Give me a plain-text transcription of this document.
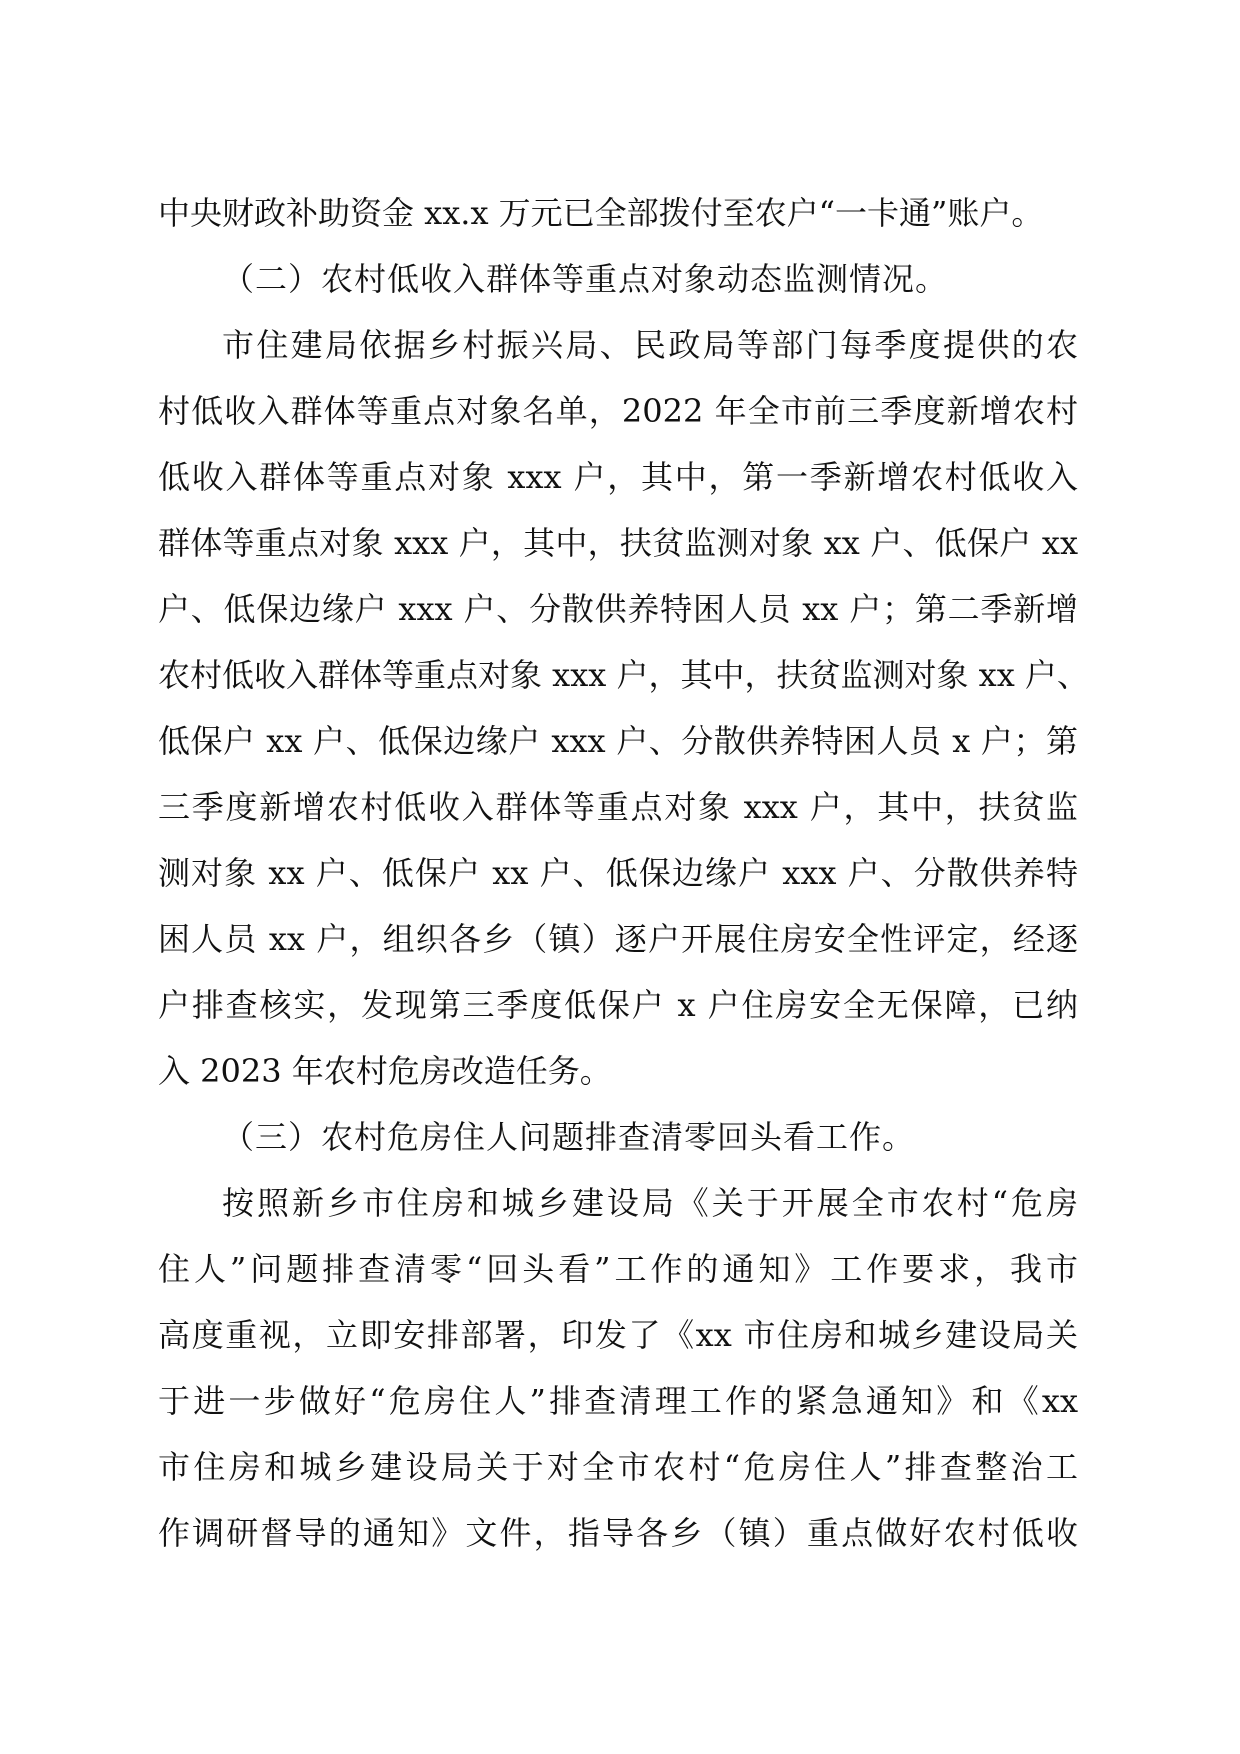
中央财政补助资金 xx.x 万元已全部拨付至农户“一卡通”账户。
（二）农村低收入群体等重点对象动态监测情况。
市住建局依据乡村振兴局、民政局等部门每季度提供的农
村低收入群体等重点对象名单，2022 年全市前三季度新增农村
低收入群体等重点对象 xxx 户，其中，第一季新增农村低收入
群体等重点对象 xxx 户，其中，扶贫监测对象 xx 户、低保户 xx
户、低保边缘户 xxx 户、分散供养特困人员 xx 户；第二季新增
农村低收入群体等重点对象 xxx 户，其中，扶贫监测对象 xx 户、
低保户 xx 户、低保边缘户 xxx 户、分散供养特困人员 x 户；第
三季度新增农村低收入群体等重点对象 xxx 户，其中，扶贫监
测对象 xx 户、低保户 xx 户、低保边缘户 xxx 户、分散供养特
困人员 xx 户，组织各乡（镇）逐户开展住房安全性评定，经逐
户排查核实，发现第三季度低保户 x 户住房安全无保障，已纳
入 2023 年农村危房改造任务。
（三）农村危房住人问题排查清零回头看工作。
按照新乡市住房和城乡建设局《关于开展全市农村“危房
住人”问题排查清零“回头看”工作的通知》工作要求，我市
高度重视，立即安排部署，印发了《xx 市住房和城乡建设局关
于进一步做好“危房住人”排查清理工作的紧急通知》和《xx
市住房和城乡建设局关于对全市农村“危房住人”排查整治工
作调研督导的通知》文件，指导各乡（镇）重点做好农村低收
